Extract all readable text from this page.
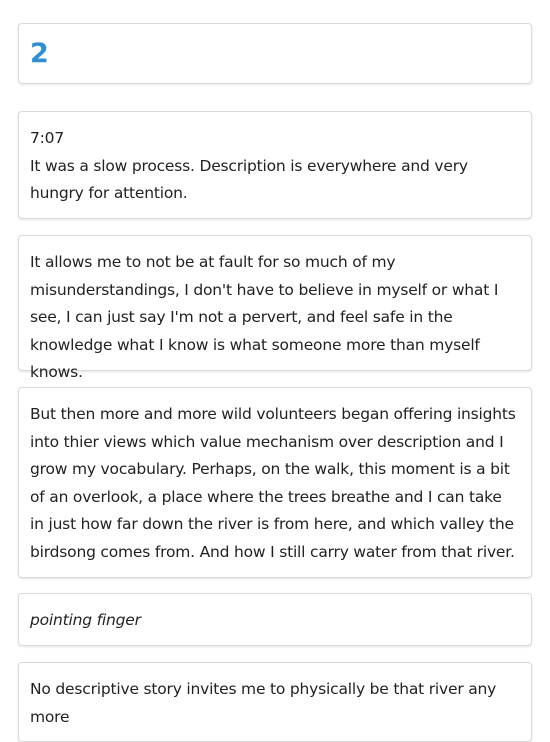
2

7:07

It was a slow process. Description is everywhere and very hungry for attention.

It allows me to not be at fault for so much of my misunderstandings, I don't have to believe in myself or what I see, I can just say I'm not a pervert, and feel safe in the knowledge what I know is what someone more than myself knows.

But then more and more wild volunteers began offering insights into thier views which value mechanism over description and I grow my vocabulary. Perhaps, on the walk, this moment is a bit of an overlook, a place where the trees breathe and I can take in just how far down the river is from here, and which valley the birdsong comes from. And how I still carry water from that river.

pointing finger

No descriptive story invites me to physically be that river any more
